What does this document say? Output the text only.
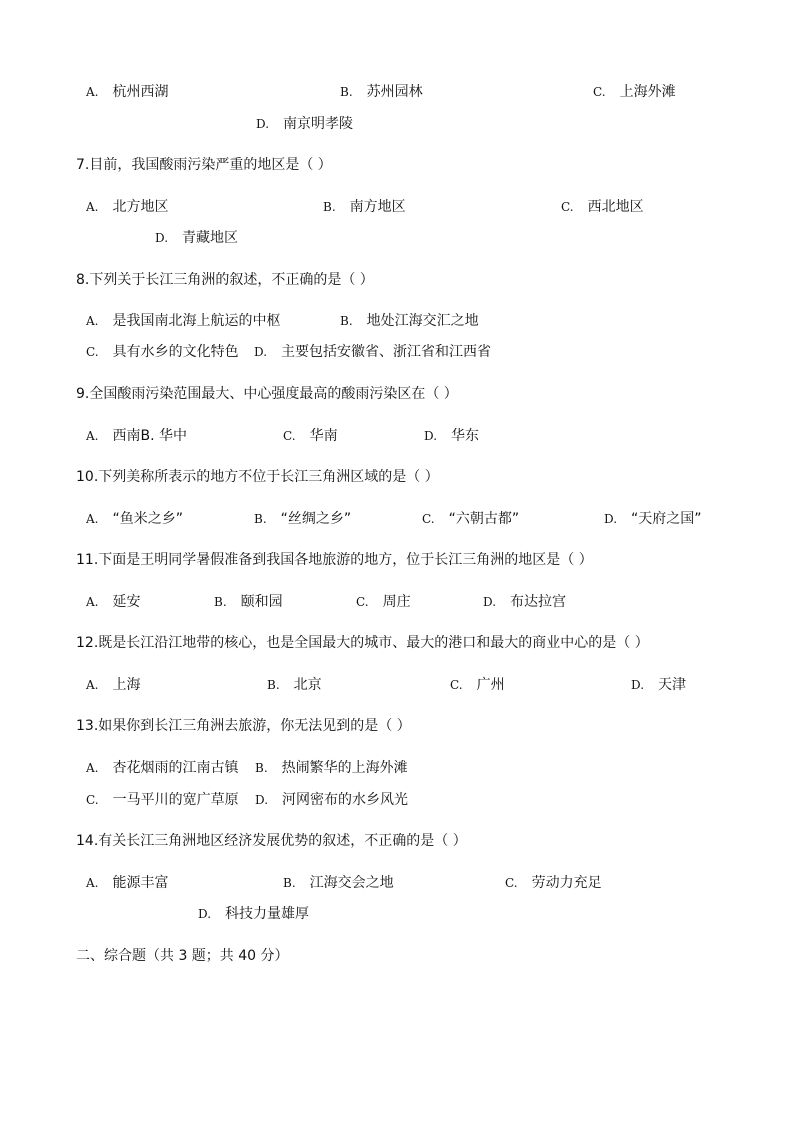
A. 杭州西湖	B. 苏州园林	C. 上海外滩
D. 南京明孝陵
7.目前，我国酸雨污染严重的地区是（ ）
A. 北方地区	B. 南方地区	C. 西北地区
D. 青藏地区
8.下列关于长江三角洲的叙述，不正确的是（ ）
A. 是我国南北海上航运的中枢	B. 地处江海交汇之地
C. 具有水乡的文化特色 D. 主要包括安徽省、浙江省和江西省
9.全国酸雨污染范围最大、中心强度最高的酸雨污染区在（ ）
A. 西南B. 华中	C. 华南	D. 华东
10.下列美称所表示的地方不位于长江三角洲区域的是（ ）
A. “鱼米之乡”	B. “丝绸之乡”	C. “六朝古都”	D. “天府之国”
11.下面是王明同学暑假准备到我国各地旅游的地方，位于长江三角洲的地区是（ ）
A. 延安	B. 颐和园	C. 周庄	D. 布达拉宫
12.既是长江沿江地带的核心，也是全国最大的城市、最大的港口和最大的商业中心的是（ ）
A. 上海	B. 北京	C. 广州	D. 天津
13.如果你到长江三角洲去旅游，你无法见到的是（ ）
A. 杏花烟雨的江南古镇 B. 热闹繁华的上海外滩
C. 一马平川的宽广草原 D. 河网密布的水乡风光
14.有关长江三角洲地区经济发展优势的叙述，不正确的是（ ）
A. 能源丰富	B. 江海交会之地	C. 劳动力充足
D. 科技力量雄厚
二、综合题（共 3 题；共 40 分）
